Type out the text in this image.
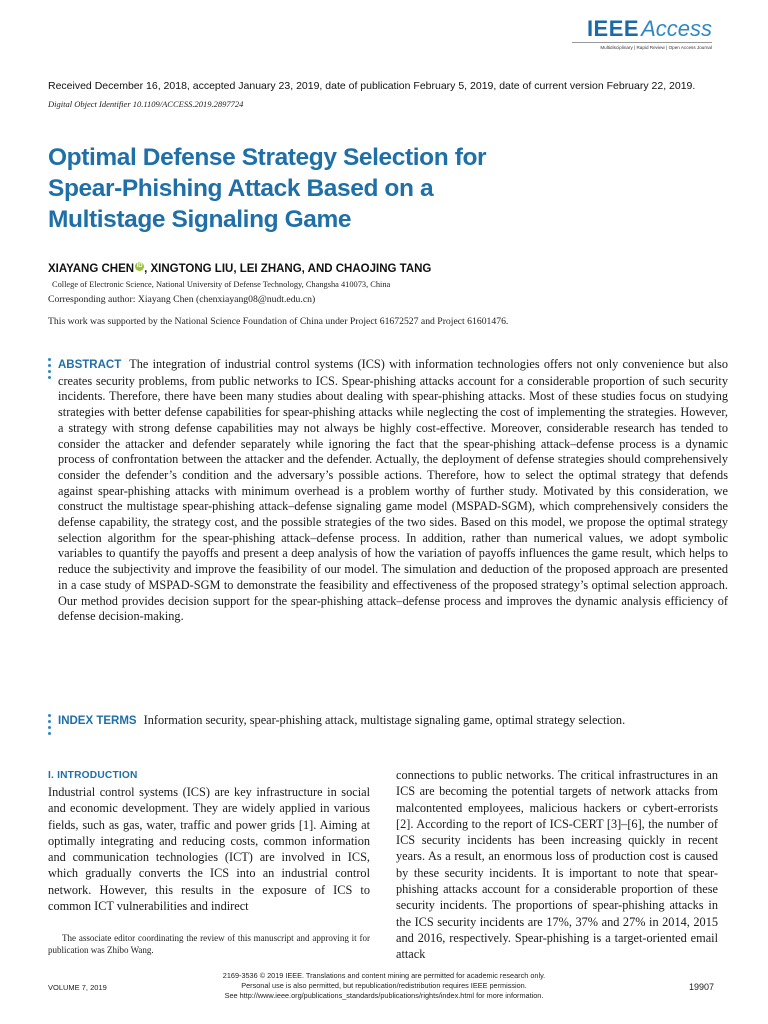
IEEEAccess
Multidisciplinary | Rapid Review | Open Access Journal
Received December 16, 2018, accepted January 23, 2019, date of publication February 5, 2019, date of current version February 22, 2019.
Digital Object Identifier 10.1109/ACCESS.2019.2897724
Optimal Defense Strategy Selection for
Spear-Phishing Attack Based on a
Multistage Signaling Game
XIAYANG CHEN iD , XINGTONG LIU, LEI ZHANG, AND CHAOJING TANG
College of Electronic Science, National University of Defense Technology, Changsha 410073, China
Corresponding author: Xiayang Chen (chenxiayang08@nudt.edu.cn)
This work was supported by the National Science Foundation of China under Project 61672527 and Project 61601476.
ABSTRACT The integration of industrial control systems (ICS) with information technologies offers not only convenience but also creates security problems, from public networks to ICS. Spear-phishing attacks account for a considerable proportion of such security incidents. Therefore, there have been many studies about dealing with spear-phishing attacks. Most of these studies focus on studying strategies with better defense capabilities for spear-phishing attacks while neglecting the cost of implementing the strategies. However, a strategy with strong defense capabilities may not always be highly cost-effective. Moreover, considerable research has tended to consider the attacker and defender separately while ignoring the fact that the spear-phishing attack–defense process is a dynamic process of confrontation between the attacker and the defender. Actually, the deployment of defense strategies should comprehensively consider the defender’s condition and the adversary’s possible actions. Therefore, how to select the optimal strategy that defends against spear-phishing attacks with minimum overhead is a problem worthy of further study. Motivated by this consideration, we construct the multistage spear-phishing attack–defense signaling game model (MSPAD-SGM), which comprehensively considers the defense capability, the strategy cost, and the possible strategies of the two sides. Based on this model, we propose the optimal strategy selection algorithm for the spear-phishing attack–defense process. In addition, rather than numerical values, we adopt symbolic variables to quantify the payoffs and present a deep analysis of how the variation of payoffs influences the game result, which helps to reduce the subjectivity and improve the feasibility of our model. The simulation and deduction of the proposed approach are presented in a case study of MSPAD-SGM to demonstrate the feasibility and effectiveness of the proposed strategy’s optimal selection approach. Our method provides decision support for the spear-phishing attack–defense process and improves the dynamic analysis efficiency of defense decision-making.
INDEX TERMS Information security, spear-phishing attack, multistage signaling game, optimal strategy selection.
I. INTRODUCTION
Industrial control systems (ICS) are key infrastructure in social and economic development. They are widely applied in various fields, such as gas, water, traffic and power grids [1]. Aiming at optimally integrating and reducing costs, common information and communication technologies (ICT) are involved in ICS, which gradually converts the ICS into an industrial control network. However, this results in the exposure of ICS to common ICT vulnerabilities and indirect
The associate editor coordinating the review of this manuscript and approving it for publication was Zhibo Wang.
connections to public networks. The critical infrastructures in an ICS are becoming the potential targets of network attacks from malcontented employees, malicious hackers or cybert-errorists [2]. According to the report of ICS-CERT [3]–[6], the number of ICS security incidents has been increasing quickly in recent years. As a result, an enormous loss of production cost is caused by these security incidents. It is important to note that spear-phishing attacks account for a considerable proportion of these security incidents. The proportions of spear-phishing attacks in the ICS security incidents are 17%, 37% and 27% in 2014, 2015 and 2016, respectively. Spear-phishing is a target-oriented email attack
VOLUME 7, 2019
2169-3536 © 2019 IEEE. Translations and content mining are permitted for academic research only.
Personal use is also permitted, but republication/redistribution requires IEEE permission.
See http://www.ieee.org/publications_standards/publications/rights/index.html for more information.
19907
